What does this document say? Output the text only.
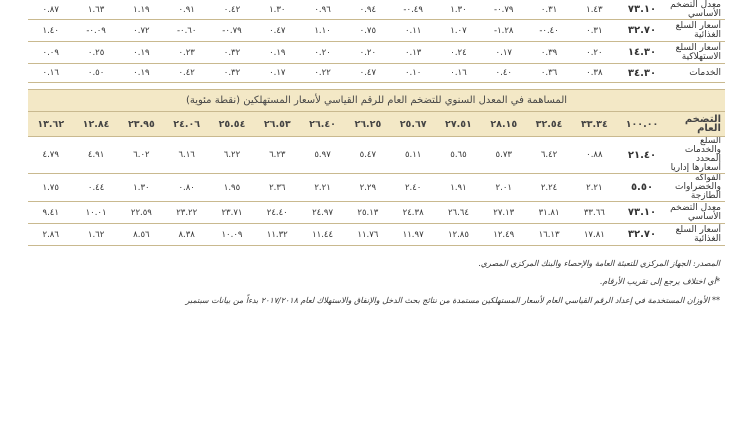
معدل التضخم الأساسي	٧٣.١٠	١.٤٣	٠.٣١	٠.٧٩-	١.٣٠	٠.٤٩-	٠.٩٤	٠.٩٦	١.٣٠	٠.٤٢	٠.٩١	١.١٩	١.٦٣	٠.٨٧
أسعار السلع الغذائية	٣٢.٧٠	٠.٣١	٠.٤٠-	١.٢٨-	١.٠٧	٠.١١	٠.٧٥	١.١٠	٠.٤٧	٠.٧٩-	٠.٦٠-	٠.٧٢	٠.٠٩-	١.٤٠
أسعار السلع الاستهلاكية	١٤.٣٠	٠.٢٠	٠.٣٩	٠.١٧	٠.٢٤	٠.١٣	٠.٢٠	٠.٢٠	٠.١٩	٠.٣٢	٠.٢٣	٠.١٩	٠.٢٥	٠.٠٩
الخدمات	٣٤.٣٠	٠.٣٨	٠.٣٦	٠.٤٠	٠.١٦	٠.١٠	٠.٤٧	٠.٢٢	٠.١٧	٠.٣٢	٠.٤٢	٠.١٩	٠.٥٠	٠.١٦

المساهمة في المعدل السنوي للتضخم العام للرقم القياسي لأسعار المستهلكين (نقطة مئوية)														
التضخم العام	١٠٠.٠٠	٣٣.٣٤	٣٢.٥٤	٢٨.١٥	٢٧.٥١	٢٥.٦٧	٢٦.٢٥	٢٦.٤٠	٢٦.٥٣	٢٥.٥٤	٢٤.٠٦	٢٣.٩٥	١٢.٨٤	١٣.٦٢
السلع والخدمات المحدد أسعارها إداريا	٢١.٤٠	٠.٨٨	٦.٤٢	٥.٧٣	٥.٦٥	٥.١١	٥.٤٧	٥.٩٧	٦.٢٣	٦.٢٢	٦.١٦	٦.٠٢	٤.٩١	٤.٧٩
الفواكه والخضراوات الطازجة	٥.٥٠	٢.٢١	٢.٢٤	٢.٠١	١.٩١	٢.٤٠	٢.٢٩	٢.٢١	٢.٣٦	١.٩٥	٠.٨٠	١.٣٠	٠.٤٤	١.٧٥
معدل التضخم الأساسي	٧٣.١٠	٣٣.٦٦	٣١.٨١	٢٧.١٣	٢٦.٦٤	٢٤.٣٨	٢٥.١٣	٢٤.٩٧	٢٤.٤٠	٢٣.٧١	٢٣.٢٢	٢٢.٥٩	١٠.٠١	٩.٤١
أسعار السلع الغذائية	٣٢.٧٠	١٧.٨١	١٦.١٣	١٢.٤٩	١٢.٨٥	١١.٩٧	١١.٧٦	١١.٤٤	١١.٣٢	١٠.٠٩	٨.٣٨	٨.٥٦	١.٦٢	٢.٨٦
المصدر: الجهاز المركزي للتعبئة العامة والإحصاء والبنك المركزي المصري.
*أي اختلاف يرجع إلى تقريب الأرقام.
** الأوزان المستخدمة في إعداد الرقم القياسي العام لأسعار المستهلكين مستمدة من نتائج بحث الدخل والإنفاق والاستهلاك لعام ٢٠١٧/٢٠١٨ بدءاً من بيانات سبتمبر
